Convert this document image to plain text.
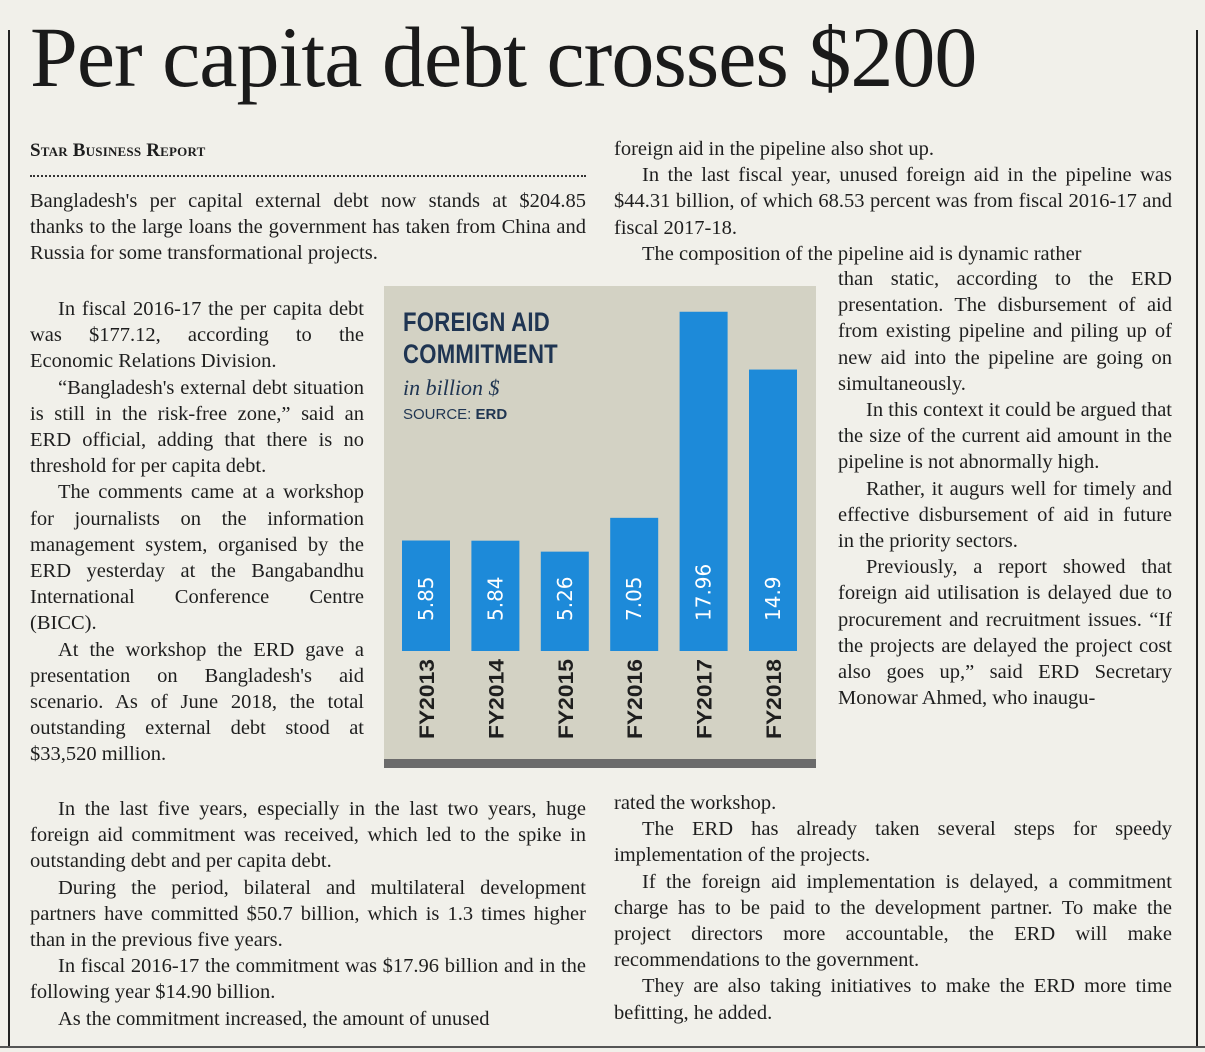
Per capita debt crosses $200
Star Business Report

Bangladesh's per capital external debt now stands at $204.85 thanks to the large loans the government has taken from China and Russia for some transformational projects.

In fiscal 2016-17 the per capita debt was $177.12, according to the Economic Relations Division.

“Bangladesh's external debt situation is still in the risk-free zone,” said an ERD official, adding that there is no threshold for per capita debt.

The comments came at a workshop for journalists on the information management system, organised by the ERD yesterday at the Bangabandhu International Conference Centre (BICC).

At the workshop the ERD gave a presentation on Bangladesh's aid scenario. As of June 2018, the total outstanding external debt stood at $33,520 million.

In the last five years, especially in the last two years, huge foreign aid commitment was received, which led to the spike in outstanding debt and per capita debt.

During the period, bilateral and multilateral development partners have committed $50.7 billion, which is 1.3 times higher than in the previous five years.

In fiscal 2016-17 the commitment was $17.96 billion and in the following year $14.90 billion.

As the commitment increased, the amount of unused

foreign aid in the pipeline also shot up.

In the last fiscal year, unused foreign aid in the pipeline was $44.31 billion, of which 68.53 percent was from fiscal 2016-17 and fiscal 2017-18.

The composition of the pipeline aid is dynamic rather

than static, according to the ERD presentation. The disbursement of aid from existing pipeline and piling up of new aid into the pipeline are going on simultaneously.

In this context it could be argued that the size of the current aid amount in the pipeline is not abnormally high.

Rather, it augurs well for timely and effective disbursement of aid in future in the priority sectors.

Previously, a report showed that foreign aid utilisation is delayed due to procurement and recruitment issues. “If the projects are delayed the project cost also goes up,” said ERD Secretary Monowar Ahmed, who inaugu-

rated the workshop.

The ERD has already taken several steps for speedy implementation of the projects.

If the foreign aid implementation is delayed, a commitment charge has to be paid to the development partner. To make the project directors more accountable, the ERD will make recommendations to the government.

They are also taking initiatives to make the ERD more time befitting, he added.

FOREIGN AID
COMMITMENT
in billion $
SOURCE: ERD
5.85
FY2013
5.84
FY2014
5.26
FY2015
7.05
FY2016
17.96
FY2017
14.9
FY2018
